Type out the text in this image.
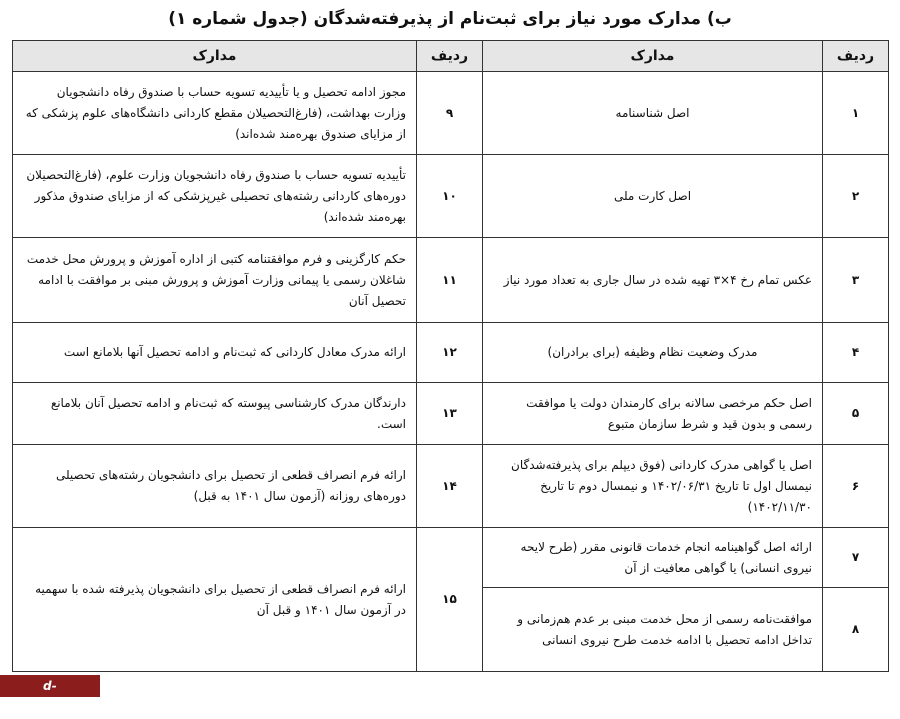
ب) مدارک مورد نیاز برای ثبت‌نام از پذیرفته‌شدگان (جدول شماره ۱)
ردیف	مدارک	ردیف	مدارک
۱	اصل شناسنامه	۹	مجوز ادامه تحصیل و یا تأییدیه تسویه حساب با صندوق رفاه دانشجویان وزارت بهداشت، (فارغ‌التحصیلان مقطع کاردانی دانشگاه‌های علوم پزشکی که از مزایای صندوق بهره‌مند شده‌اند)
۲	اصل کارت ملی	۱۰	تأییدیه تسویه حساب با صندوق رفاه دانشجویان وزارت علوم، (فارغ‌التحصیلان دوره‌های کاردانی رشته‌های تحصیلی غیرپزشکی که از مزایای صندوق مذکور بهره‌مند شده‌اند)
۳	عکس تمام رخ ۴×۳ تهیه شده در سال جاری به تعداد مورد نیاز	۱۱	حکم کارگزینی و فرم موافقتنامه کتبی از اداره آموزش و پرورش محل خدمت شاغلان رسمی یا پیمانی وزارت آموزش و پرورش مبنی بر موافقت با ادامه تحصیل آنان
۴	مدرک وضعیت نظام وظیفه (برای برادران)	۱۲	ارائه مدرک معادل کاردانی که ثبت‌نام و ادامه تحصیل آنها بلامانع است
۵	اصل حکم مرخصی سالانه برای کارمندان دولت یا موافقت رسمی و بدون قید و شرط سازمان متبوع	۱۳	دارندگان مدرک کارشناسی پیوسته که ثبت‌نام و ادامه تحصیل آنان بلامانع است.
۶	اصل یا گواهی مدرک کاردانی (فوق دیپلم برای پذیرفته‌شدگان نیمسال اول تا تاریخ ۱۴۰۲/۰۶/۳۱ و نیمسال دوم تا تاریخ ۱۴۰۲/۱۱/۳۰)	۱۴	ارائه فرم انصراف قطعی از تحصیل برای دانشجویان رشته‌های تحصیلی دوره‌های روزانه (آزمون سال ۱۴۰۱ به قبل)
۷	ارائه اصل گواهینامه انجام خدمات قانونی مقرر (طرح لایحه نیروی انسانی) یا گواهی معافیت از آن	۱۵	ارائه فرم انصراف قطعی از تحصیل برای دانشجویان پذیرفته شده با سهمیه در آزمون سال ۱۴۰۱ و قبل آن
۸	موافقت‌نامه رسمی از محل خدمت مبنی بر عدم هم‌زمانی و تداخل ادامه تحصیل با ادامه خدمت طرح نیروی انسانی		
d-yazd.tvu.ac.ir
